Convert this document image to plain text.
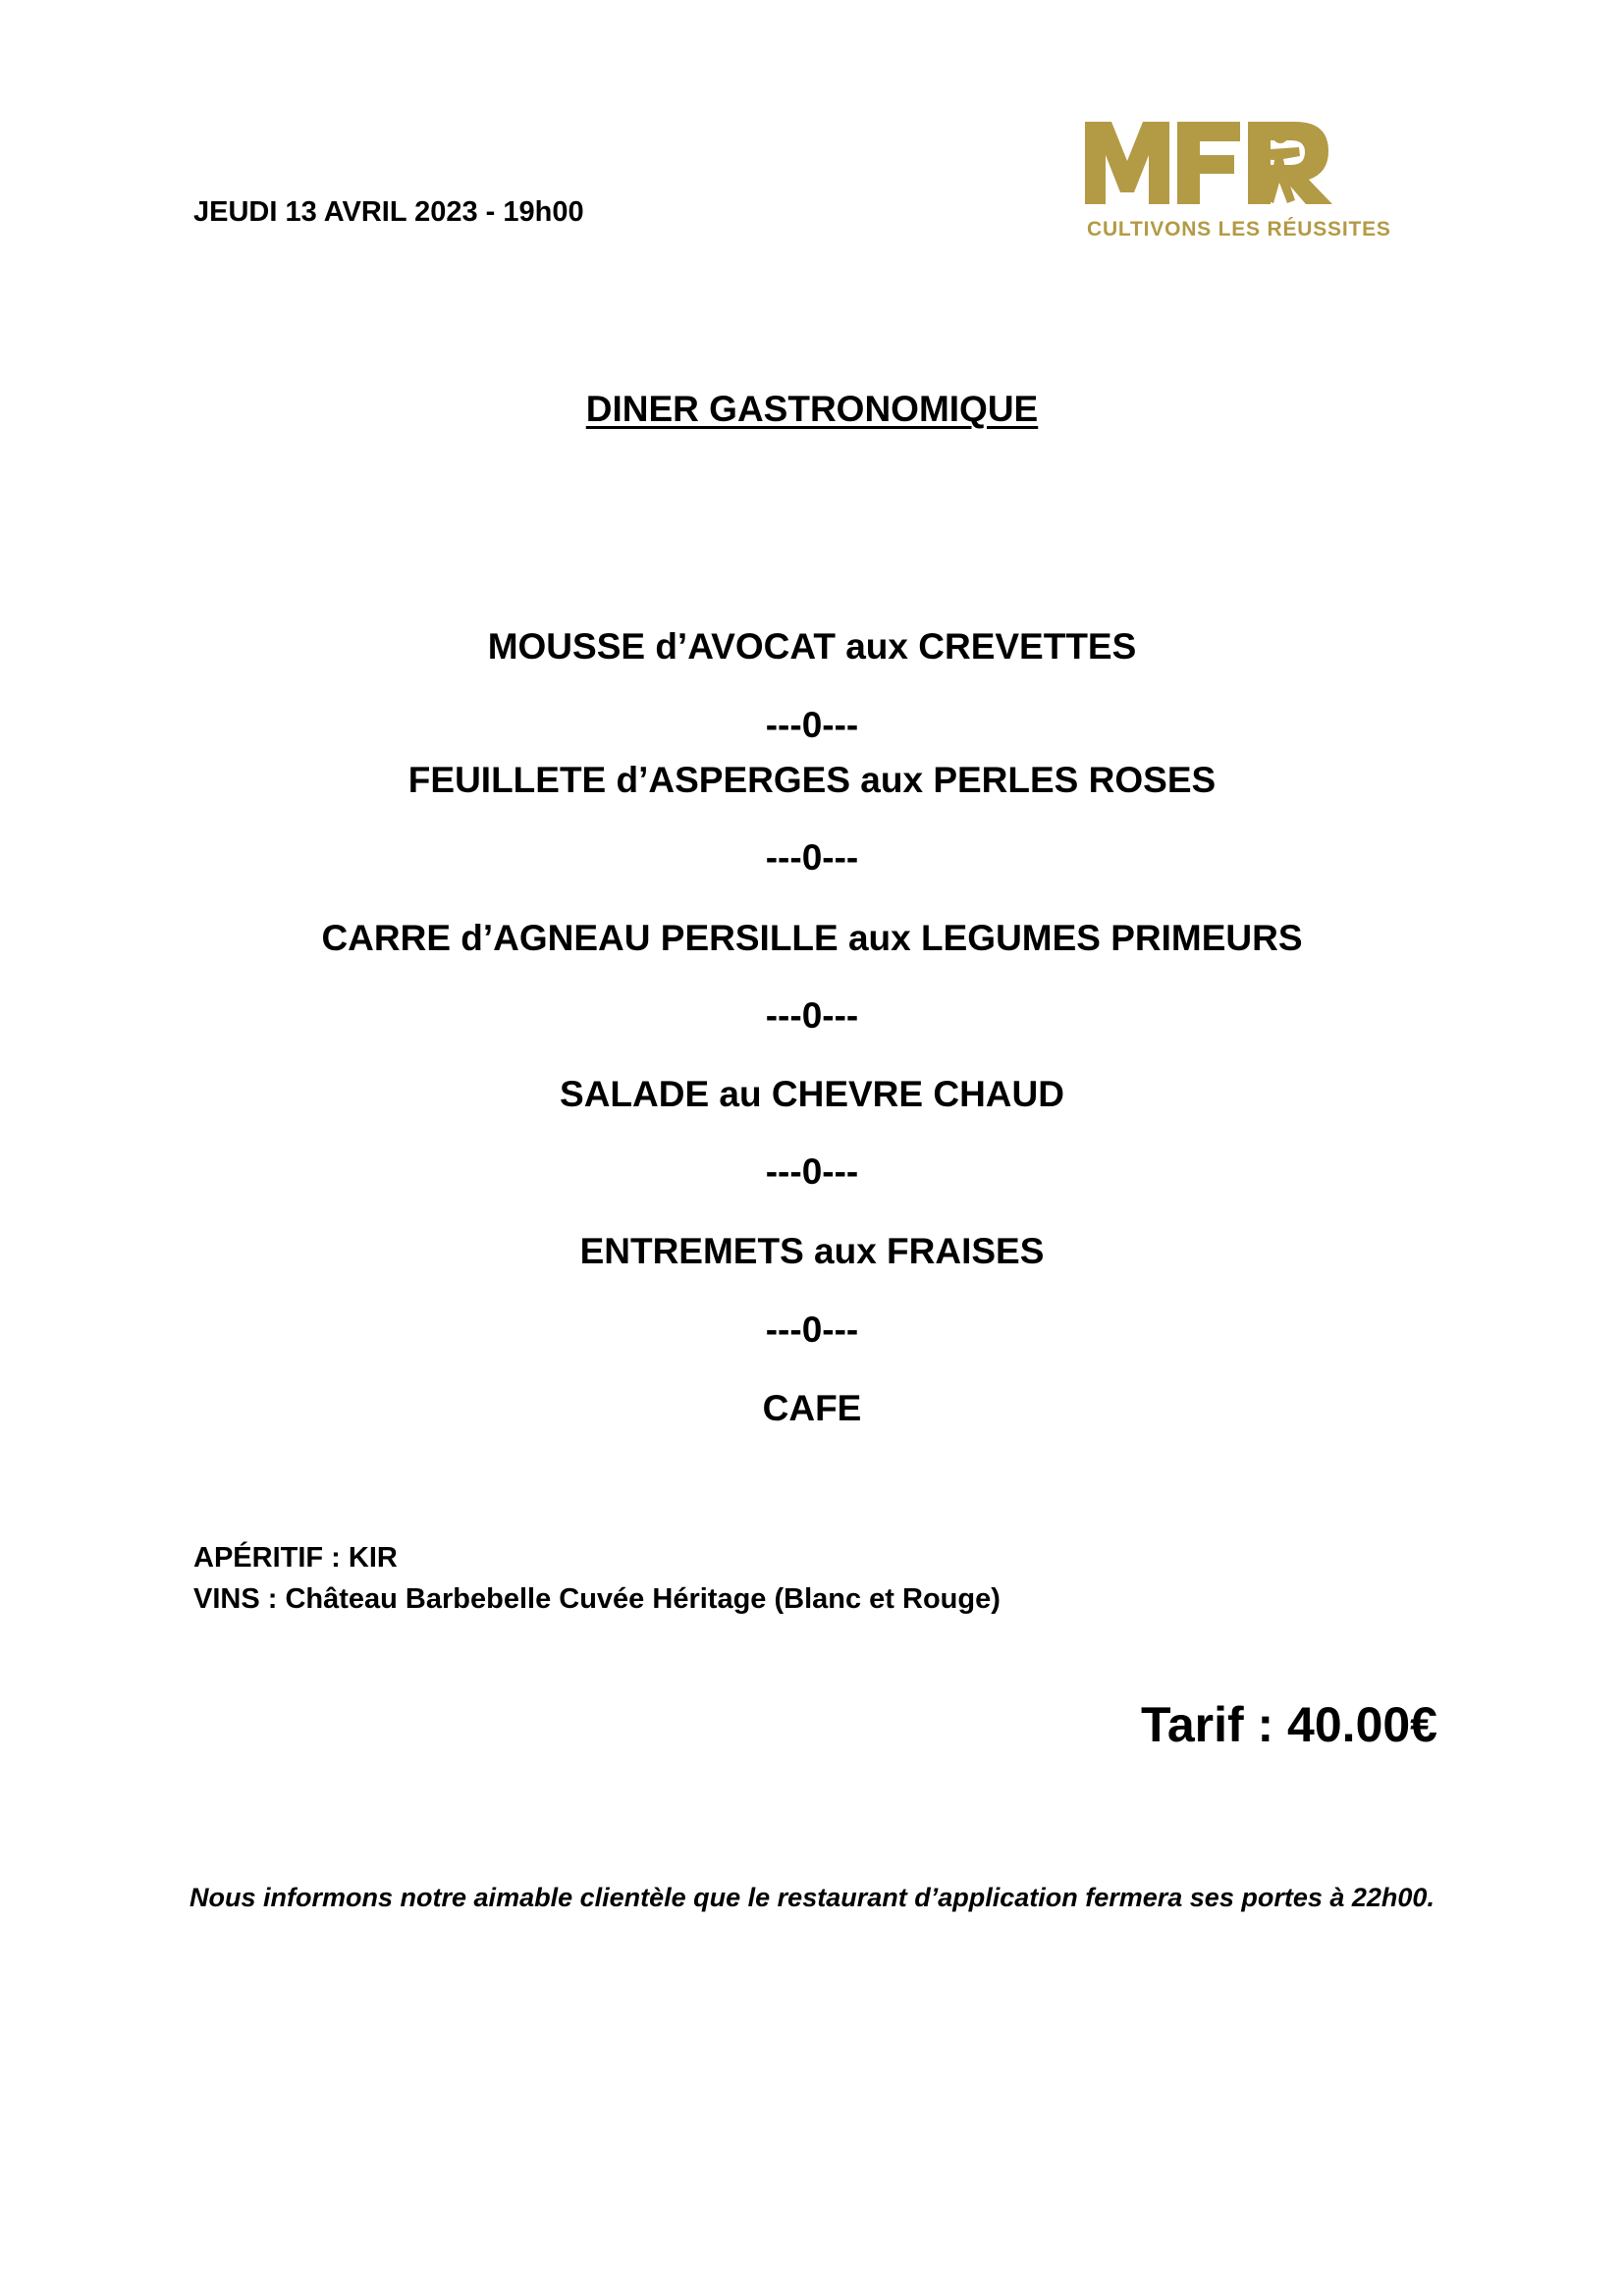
JEUDI 13 AVRIL 2023 - 19h00
CULTIVONS LES RÉUSSITES
DINER GASTRONOMIQUE
MOUSSE d’AVOCAT aux CREVETTES
---0---
FEUILLETE d’ASPERGES aux PERLES ROSES
---0---
CARRE d’AGNEAU PERSILLE aux LEGUMES PRIMEURS
---0---
SALADE au CHEVRE CHAUD
---0---
ENTREMETS aux FRAISES
---0---
CAFE
APÉRITIF : KIR
VINS : Château Barbebelle Cuvée Héritage (Blanc et Rouge)
Tarif : 40.00€
Nous informons notre aimable clientèle que le restaurant d’application fermera ses portes à 22h00.
